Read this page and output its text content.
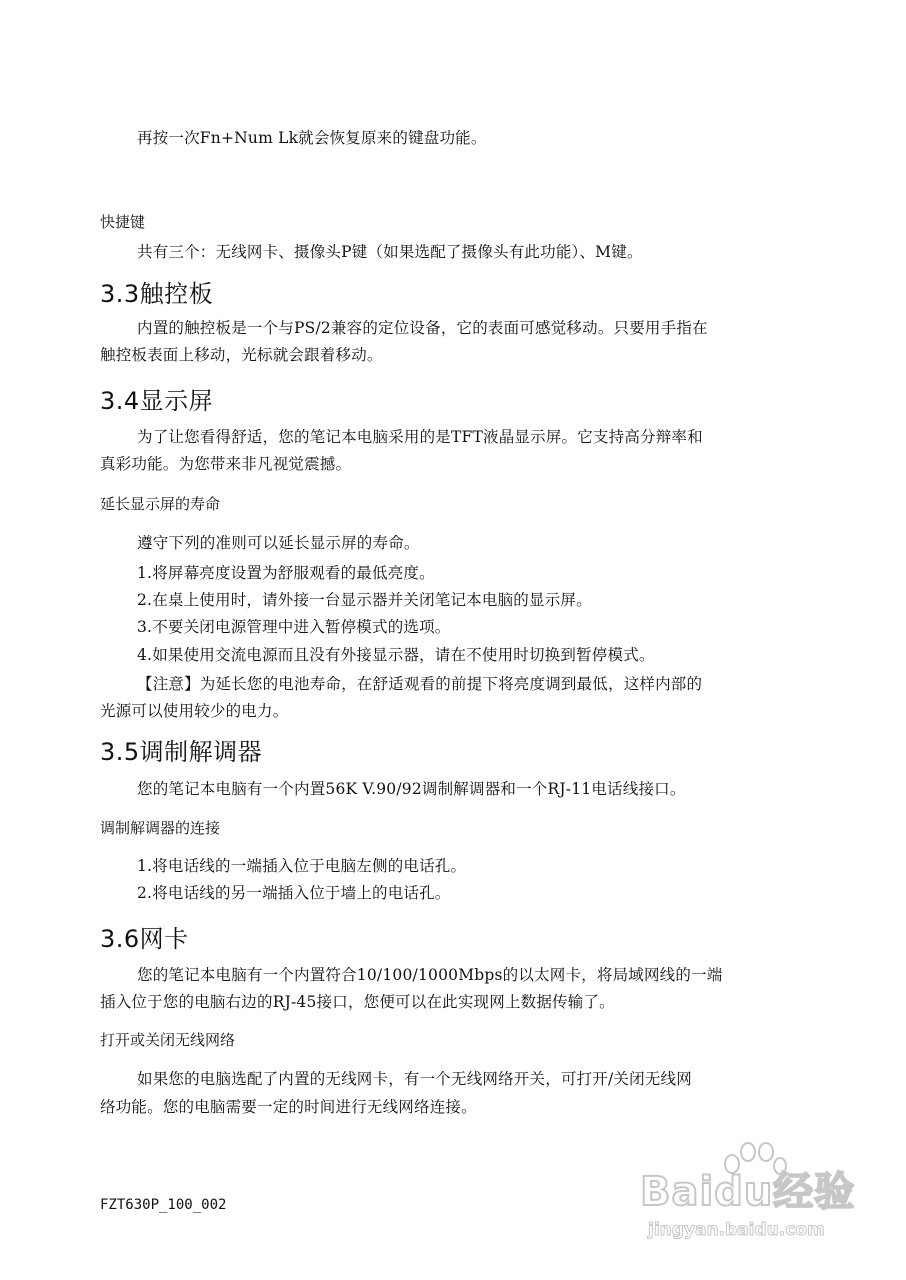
再按一次Fn+Num Lk就会恢复原来的键盘功能。
快捷键
共有三个：无线网卡、摄像头P键（如果选配了摄像头有此功能）、M键。
3.3触控板
内置的触控板是一个与PS/2兼容的定位设备，它的表面可感觉移动。只要用手指在
触控板表面上移动，光标就会跟着移动。
3.4显示屏
为了让您看得舒适，您的笔记本电脑采用的是TFT液晶显示屏。它支持高分辩率和
真彩功能。为您带来非凡视觉震撼。
延长显示屏的寿命
遵守下列的准则可以延长显示屏的寿命。
1.将屏幕亮度设置为舒服观看的最低亮度。
2.在桌上使用时，请外接一台显示器并关闭笔记本电脑的显示屏。
3.不要关闭电源管理中进入暂停模式的选项。
4.如果使用交流电源而且没有外接显示器，请在不使用时切换到暂停模式。
【注意】为延长您的电池寿命，在舒适观看的前提下将亮度调到最低，这样内部的
光源可以使用较少的电力。
3.5调制解调器
您的笔记本电脑有一个内置56K V.90/92调制解调器和一个RJ-11电话线接口。
调制解调器的连接
1.将电话线的一端插入位于电脑左侧的电话孔。
2.将电话线的另一端插入位于墙上的电话孔。
3.6网卡
您的笔记本电脑有一个内置符合10/100/1000Mbps的以太网卡，将局域网线的一端
插入位于您的电脑右边的RJ-45接口，您便可以在此实现网上数据传输了。
打开或关闭无线网络
如果您的电脑选配了内置的无线网卡，有一个无线网络开关，可打开/关闭无线网
络功能。您的电脑需要一定的时间进行无线网络连接。
FZT630P_100_002	Baidu经验
jingyan.baidu.com
